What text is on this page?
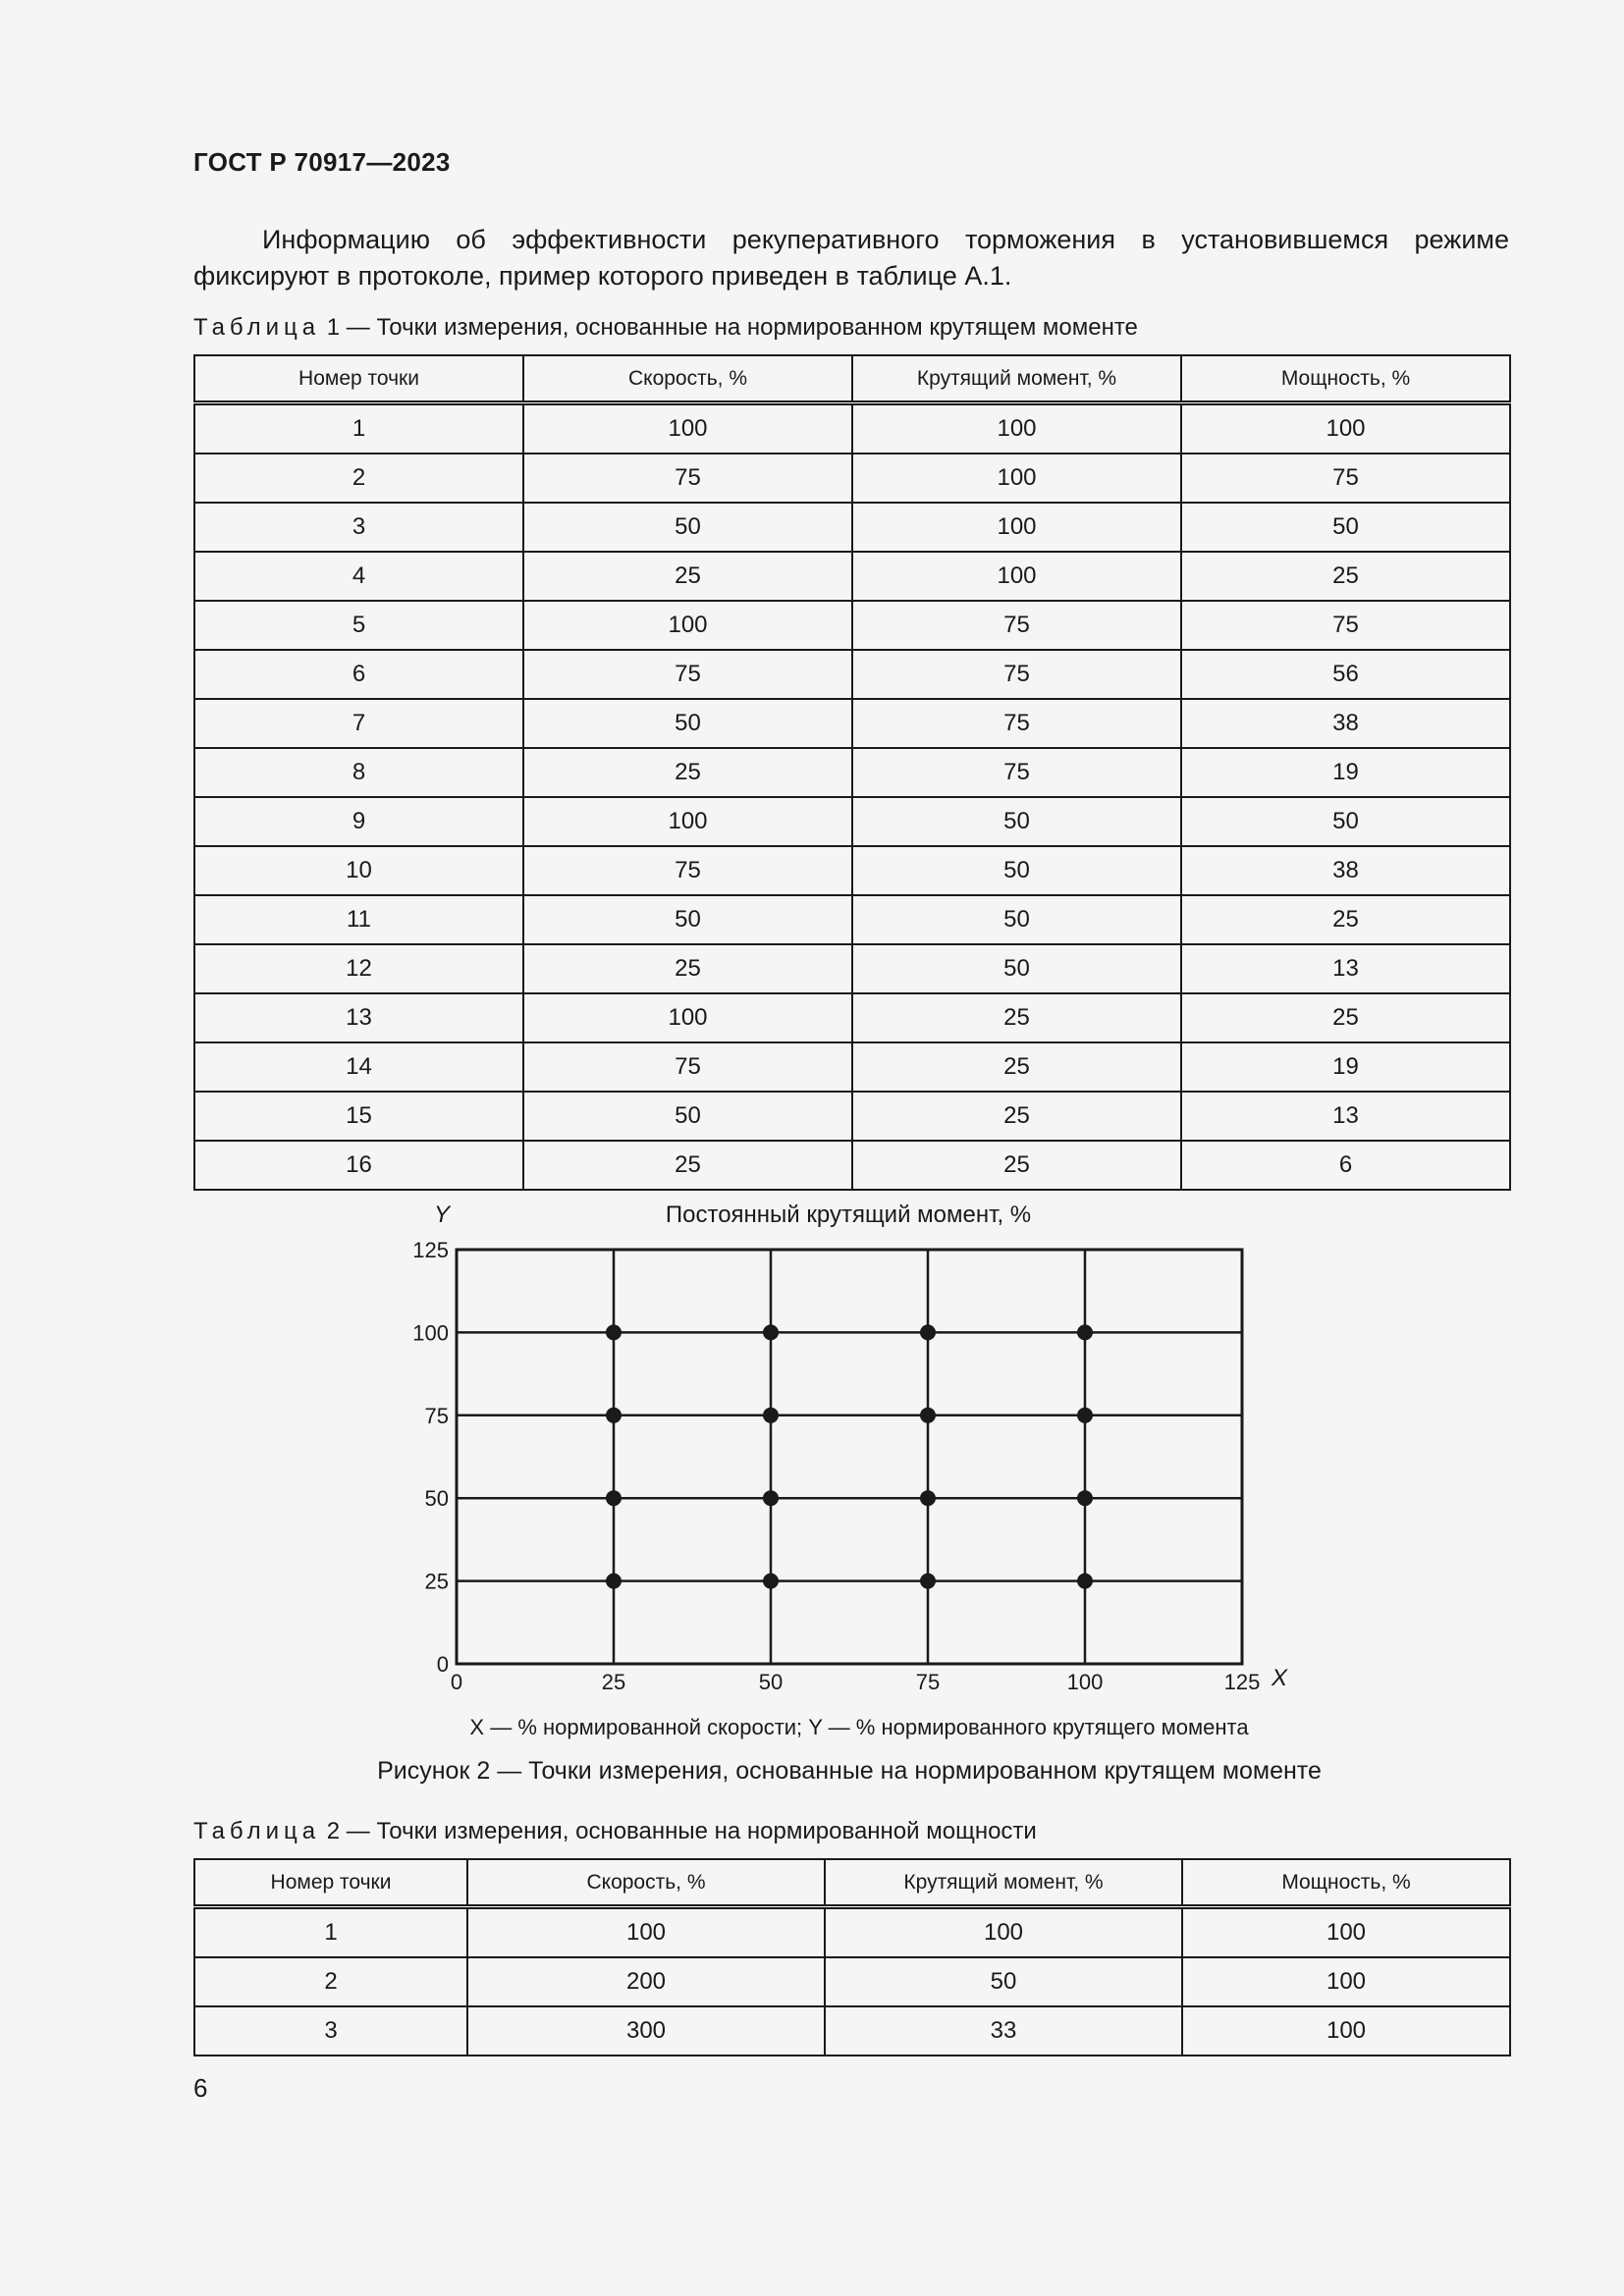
ГОСТ Р 70917—2023
Информацию об эффективности рекуперативного торможения в установившемся режиме фиксируют в протоколе, пример которого приведен в таблице А.1.
Таблица 1 — Точки измерения, основанные на нормированном крутящем моменте
Номер точки	Скорость, %	Крутящий момент, %	Мощность, %
1	100	100	100
2	75	100	75
3	50	100	50
4	25	100	25
5	100	75	75
6	75	75	56
7	50	75	38
8	25	75	19
9	100	50	50
10	75	50	38
11	50	50	25
12	25	50	13
13	100	25	25
14	75	25	19
15	50	25	13
16	25	25	6
0	25	50	75	100	125
0
25
50
75
100
125
Постоянный крутящий момент, %
Y
X
X — % нормированной скорости; Y — % нормированного крутящего момента
Рисунок 2 — Точки измерения, основанные на нормированном крутящем моменте
Таблица 2 — Точки измерения, основанные на нормированной мощности
Номер точки	Скорость, %	Крутящий момент, %	Мощность, %
1	100	100	100
2	200	50	100
3	300	33	100
6
